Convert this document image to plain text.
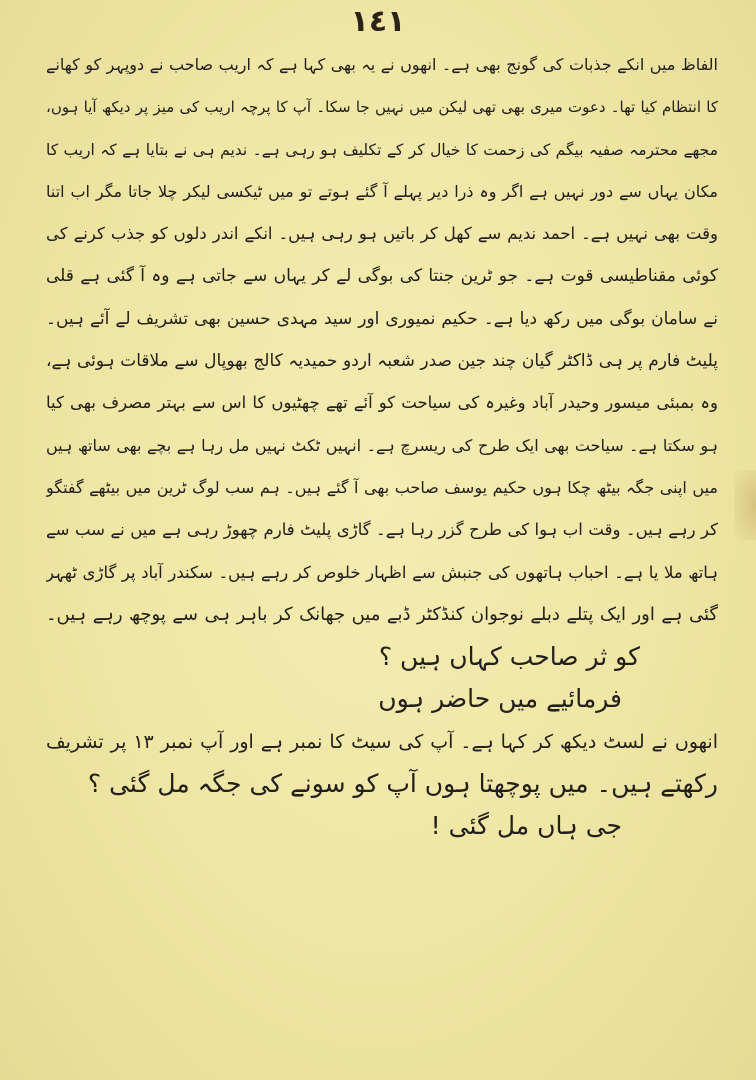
١٤١
الفاظ میں انکے جذبات کی گونج بھی ہے۔ انھوں نے یہ بھی کہا ہے کہ اریب صاحب نے دوپہر کو کھانے
کا انتظام کیا تھا۔ دعوت میری بھی تھی لیکن میں نہیں جا سکا۔ آپ کا پرچہ اریب کی میز پر دیکھ آیا ہوں،
مجھے محترمہ صفیہ بیگم کی زحمت کا خیال کر کے تکلیف ہو رہی ہے۔ ندیم ہی نے بتایا ہے کہ اریب کا
مکان یہاں سے دور نہیں ہے اگر وہ ذرا دیر پہلے آ گئے ہوتے تو میں ٹیکسی لیکر چلا جاتا مگر اب اتنا
وقت بھی نہیں ہے۔ احمد ندیم سے کھل کر باتیں ہو رہی ہیں۔ انکے اندر دلوں کو جذب کرنے کی
کوئی مقناطیسی قوت ہے۔ جو ٹرین جنتا کی بوگی لے کر یہاں سے جاتی ہے وہ آ گئی ہے قلی
نے سامان بوگی میں رکھ دیا ہے۔ حکیم نمیوری اور سید مہدی حسین بھی تشریف لے آئے ہیں۔
پلیٹ فارم پر ہی ڈاکٹر گیان چند جین صدر شعبہ اردو حمیدیہ کالج بھوپال سے ملاقات ہوئی ہے،
وہ بمبئی میسور وحیدر آباد وغیرہ کی سیاحت کو آئے تھے چھٹیوں کا اس سے بہتر مصرف بھی کیا
ہو سکتا ہے۔ سیاحت بھی ایک طرح کی ریسرچ ہے۔ انہیں ٹکٹ نہیں مل رہا ہے بچے بھی ساتھ ہیں
میں اپنی جگہ بیٹھ چکا ہوں حکیم یوسف صاحب بھی آ گئے ہیں۔ ہم سب لوگ ٹرین میں بیٹھے گفتگو
کر رہے ہیں۔ وقت اب ہوا کی طرح گزر رہا ہے۔ گاڑی پلیٹ فارم چھوڑ رہی ہے میں نے سب سے
ہاتھ ملا یا ہے۔ احباب ہاتھوں کی جنبش سے اظہار خلوص کر رہے ہیں۔ سکندر آباد پر گاڑی ٹھہر
گئی ہے اور ایک پتلے دبلے نوجوان کنڈکٹر ڈبے میں جھانک کر باہر ہی سے پوچھ رہے ہیں۔
کو ثر صاحب کہاں ہیں ؟
فرمائیے میں حاضر ہوں
انھوں نے لسٹ دیکھ کر کہا ہے۔ آپ کی سیٹ کا نمبر ہے اور آپ نمبر ۱۳ پر تشریف
رکھتے ہیں۔ میں پوچھتا ہوں آپ کو سونے کی جگہ مل گئی ؟
جی ہاں مل گئی !
